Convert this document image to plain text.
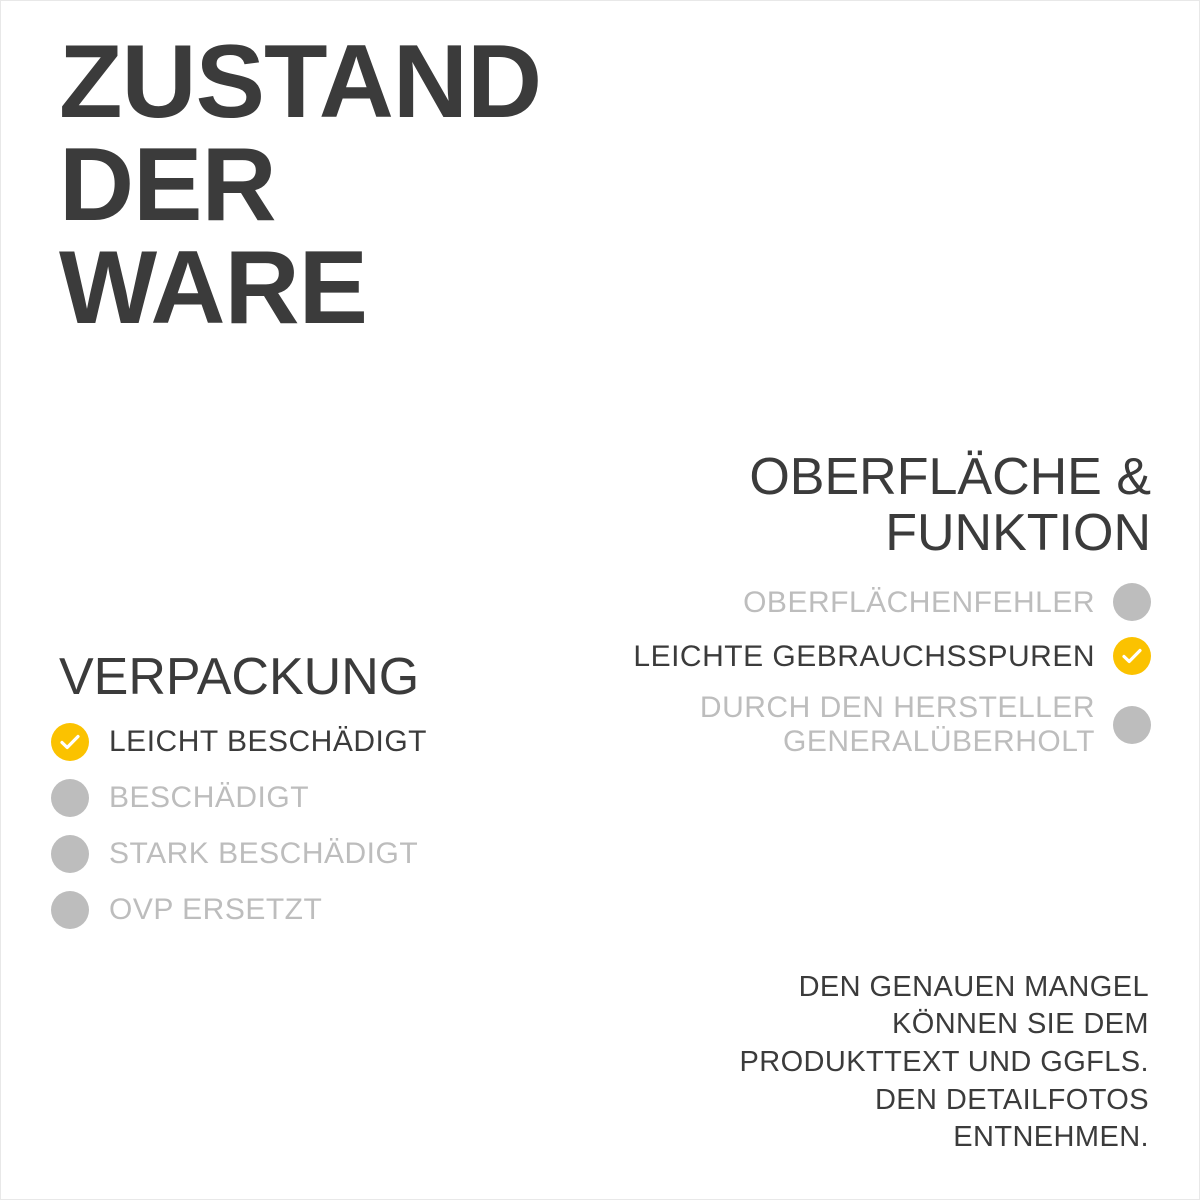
ZUSTAND
DER
WARE
OBERFLÄCHE &
FUNKTION
OBERFLÄCHENFEHLER
LEICHTE GEBRAUCHSSPUREN
DURCH DEN HERSTELLER
GENERALÜBERHOLT
VERPACKUNG
LEICHT BESCHÄDIGT
BESCHÄDIGT
STARK BESCHÄDIGT
OVP ERSETZT
DEN GENAUEN MANGEL
KÖNNEN SIE DEM
PRODUKTTEXT UND GGFLS.
DEN DETAILFOTOS
ENTNEHMEN.
